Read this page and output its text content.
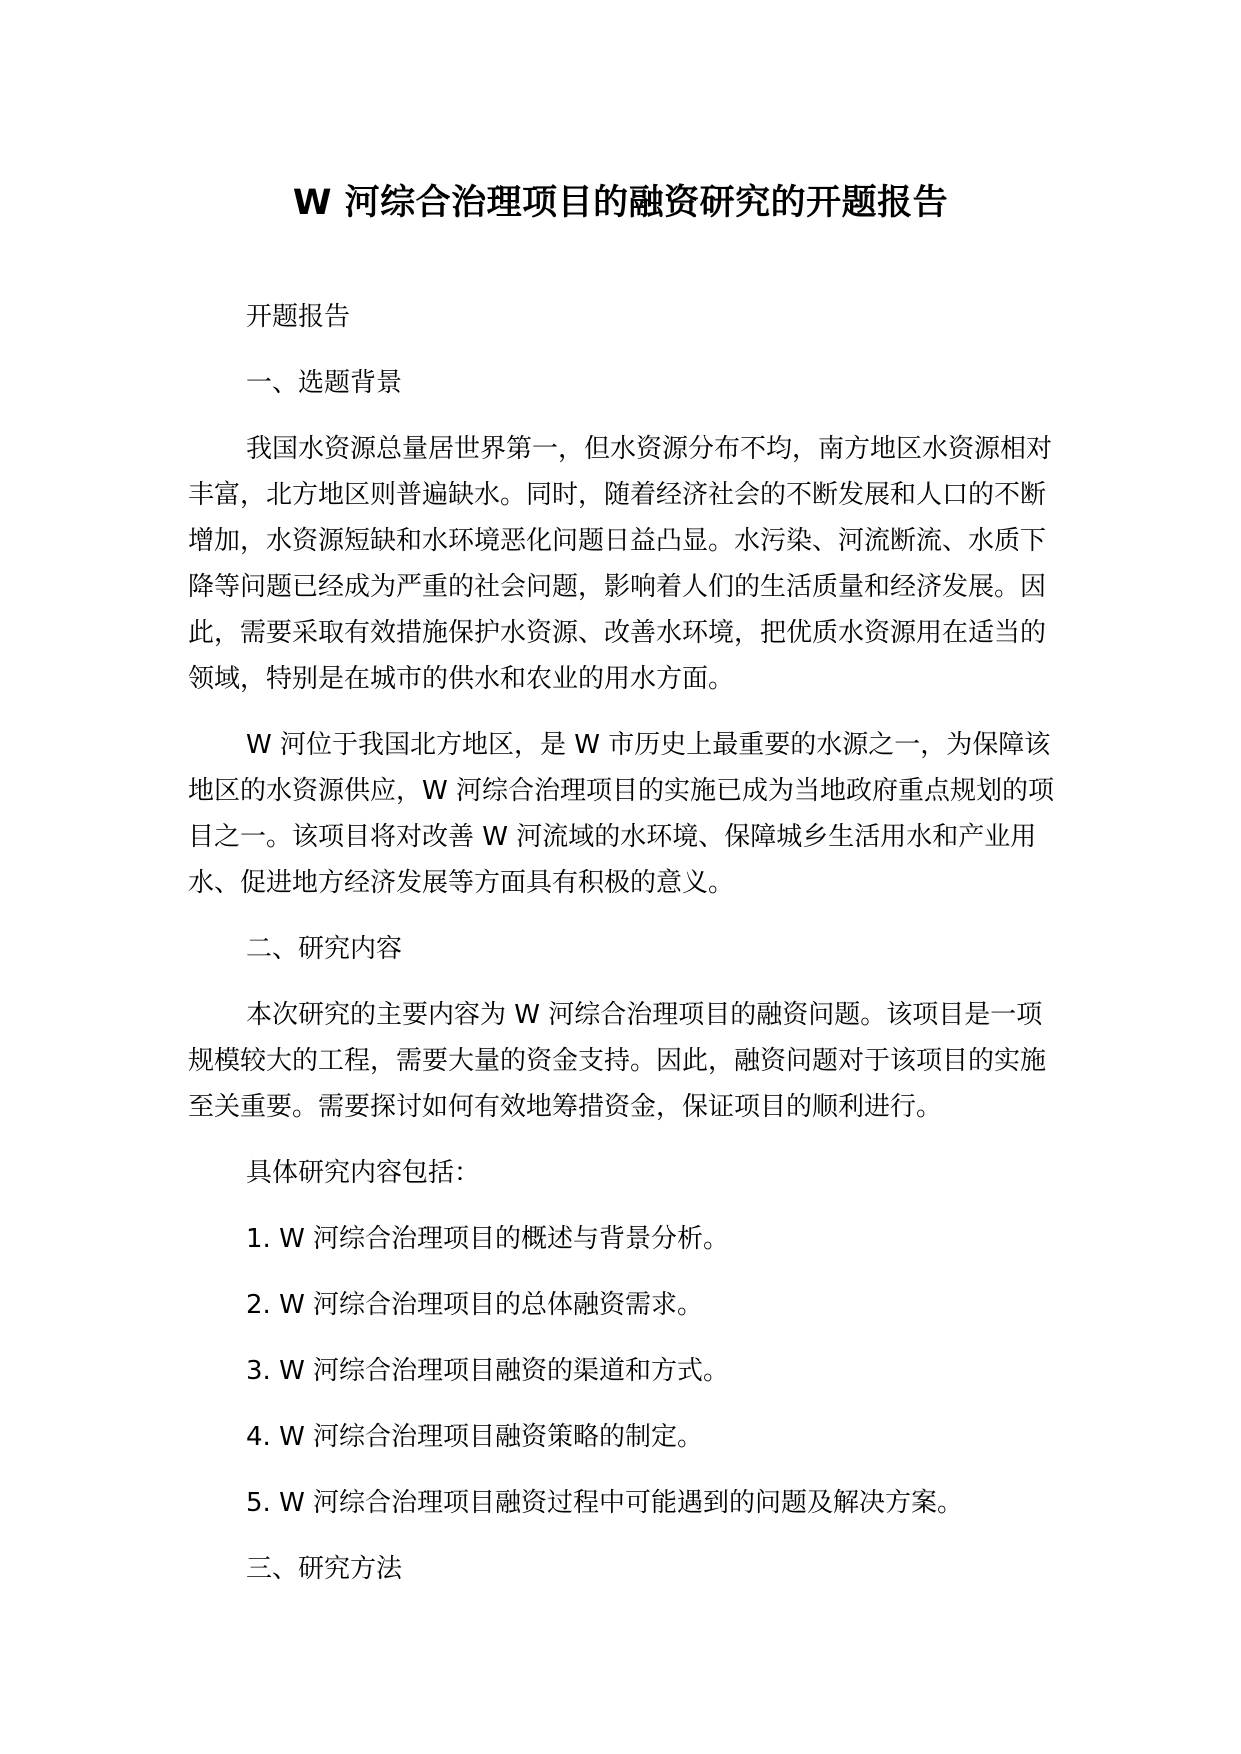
W 河综合治理项目的融资研究的开题报告

开题报告

一、选题背景

我国水资源总量居世界第一，但水资源分布不均，南方地区水资源相对丰富，北方地区则普遍缺水。同时，随着经济社会的不断发展和人口的不断增加，水资源短缺和水环境恶化问题日益凸显。水污染、河流断流、水质下降等问题已经成为严重的社会问题，影响着人们的生活质量和经济发展。因此，需要采取有效措施保护水资源、改善水环境，把优质水资源用在适当的领域，特别是在城市的供水和农业的用水方面。

W 河位于我国北方地区，是 W 市历史上最重要的水源之一，为保障该地区的水资源供应，W 河综合治理项目的实施已成为当地政府重点规划的项目之一。该项目将对改善 W 河流域的水环境、保障城乡生活用水和产业用水、促进地方经济发展等方面具有积极的意义。

二、研究内容

本次研究的主要内容为 W 河综合治理项目的融资问题。该项目是一项规模较大的工程，需要大量的资金支持。因此，融资问题对于该项目的实施至关重要。需要探讨如何有效地筹措资金，保证项目的顺利进行。

具体研究内容包括：

1. W 河综合治理项目的概述与背景分析。

2. W 河综合治理项目的总体融资需求。

3. W 河综合治理项目融资的渠道和方式。

4. W 河综合治理项目融资策略的制定。

5. W 河综合治理项目融资过程中可能遇到的问题及解决方案。

三、研究方法
